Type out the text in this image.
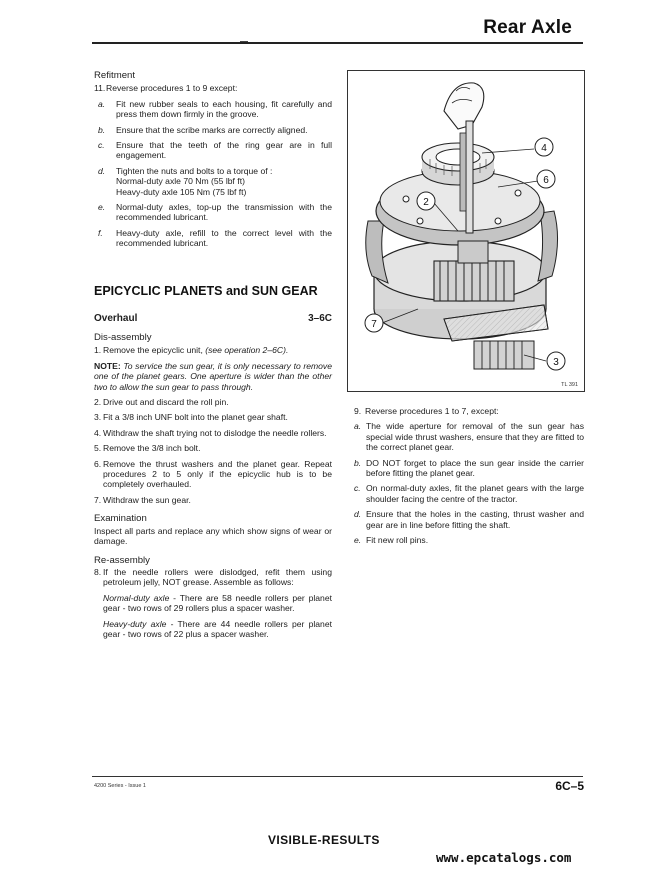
Rear Axle
Refitment
11. Reverse procedures 1 to 9 except:
a. Fit new rubber seals to each housing, fit carefully and press them down firmly in the groove.
b. Ensure that the scribe marks are correctly aligned.
c. Ensure that the teeth of the ring gear are in full engagement.
d. Tighten the nuts and bolts to a torque of :
Normal-duty axle 70 Nm (55 lbf ft)
Heavy-duty axle 105 Nm (75 lbf ft)
e. Normal-duty axles, top-up the transmission with the recommended lubricant.
f. Heavy-duty axle, refill to the correct level with the recommended lubricant.
EPICYCLIC PLANETS and SUN GEAR
Overhaul	3–6C
Dis-assembly
1. Remove the epicyclic unit, (see operation 2–6C).
NOTE: To service the sun gear, it is only necessary to remove one of the planet gears. One aperture is wider than the other two to allow the sun gear to pass through.
2. Drive out and discard the roll pin.
3. Fit a 3/8 inch UNF bolt into the planet gear shaft.
4. Withdraw the shaft trying not to dislodge the needle rollers.
5. Remove the 3/8 inch bolt.
6. Remove the thrust washers and the planet gear. Repeat procedures 2 to 5 only if the epicyclic hub is to be completely overhauled.
7. Withdraw the sun gear.
Examination
Inspect all parts and replace any which show signs of wear or damage.
Re-assembly
8. If the needle rollers were dislodged, refit them using petroleum jelly, NOT grease. Assemble as follows:
Normal-duty axle - There are 58 needle rollers per planet gear - two rows of 29 rollers plus a spacer washer.
Heavy-duty axle - There are 44 needle rollers per planet gear - two rows of 22 plus a spacer washer.
4
6
2
7
3
TL 391
9. Reverse procedures 1 to 7, except:
a. The wide aperture for removal of the sun gear has special wide thrust washers, ensure that they are fitted to the correct planet gear.
b. DO NOT forget to place the sun gear inside the carrier before fitting the planet gear.
c. On normal-duty axles, fit the planet gears with the large shoulder facing the centre of the tractor.
d. Ensure that the holes in the casting, thrust washer and gear are in line before fitting the shaft.
e. Fit new roll pins.
4200 Series - Issue 1	6C–5
VISIBLE-RESULTS
www.epcatalogs.com
